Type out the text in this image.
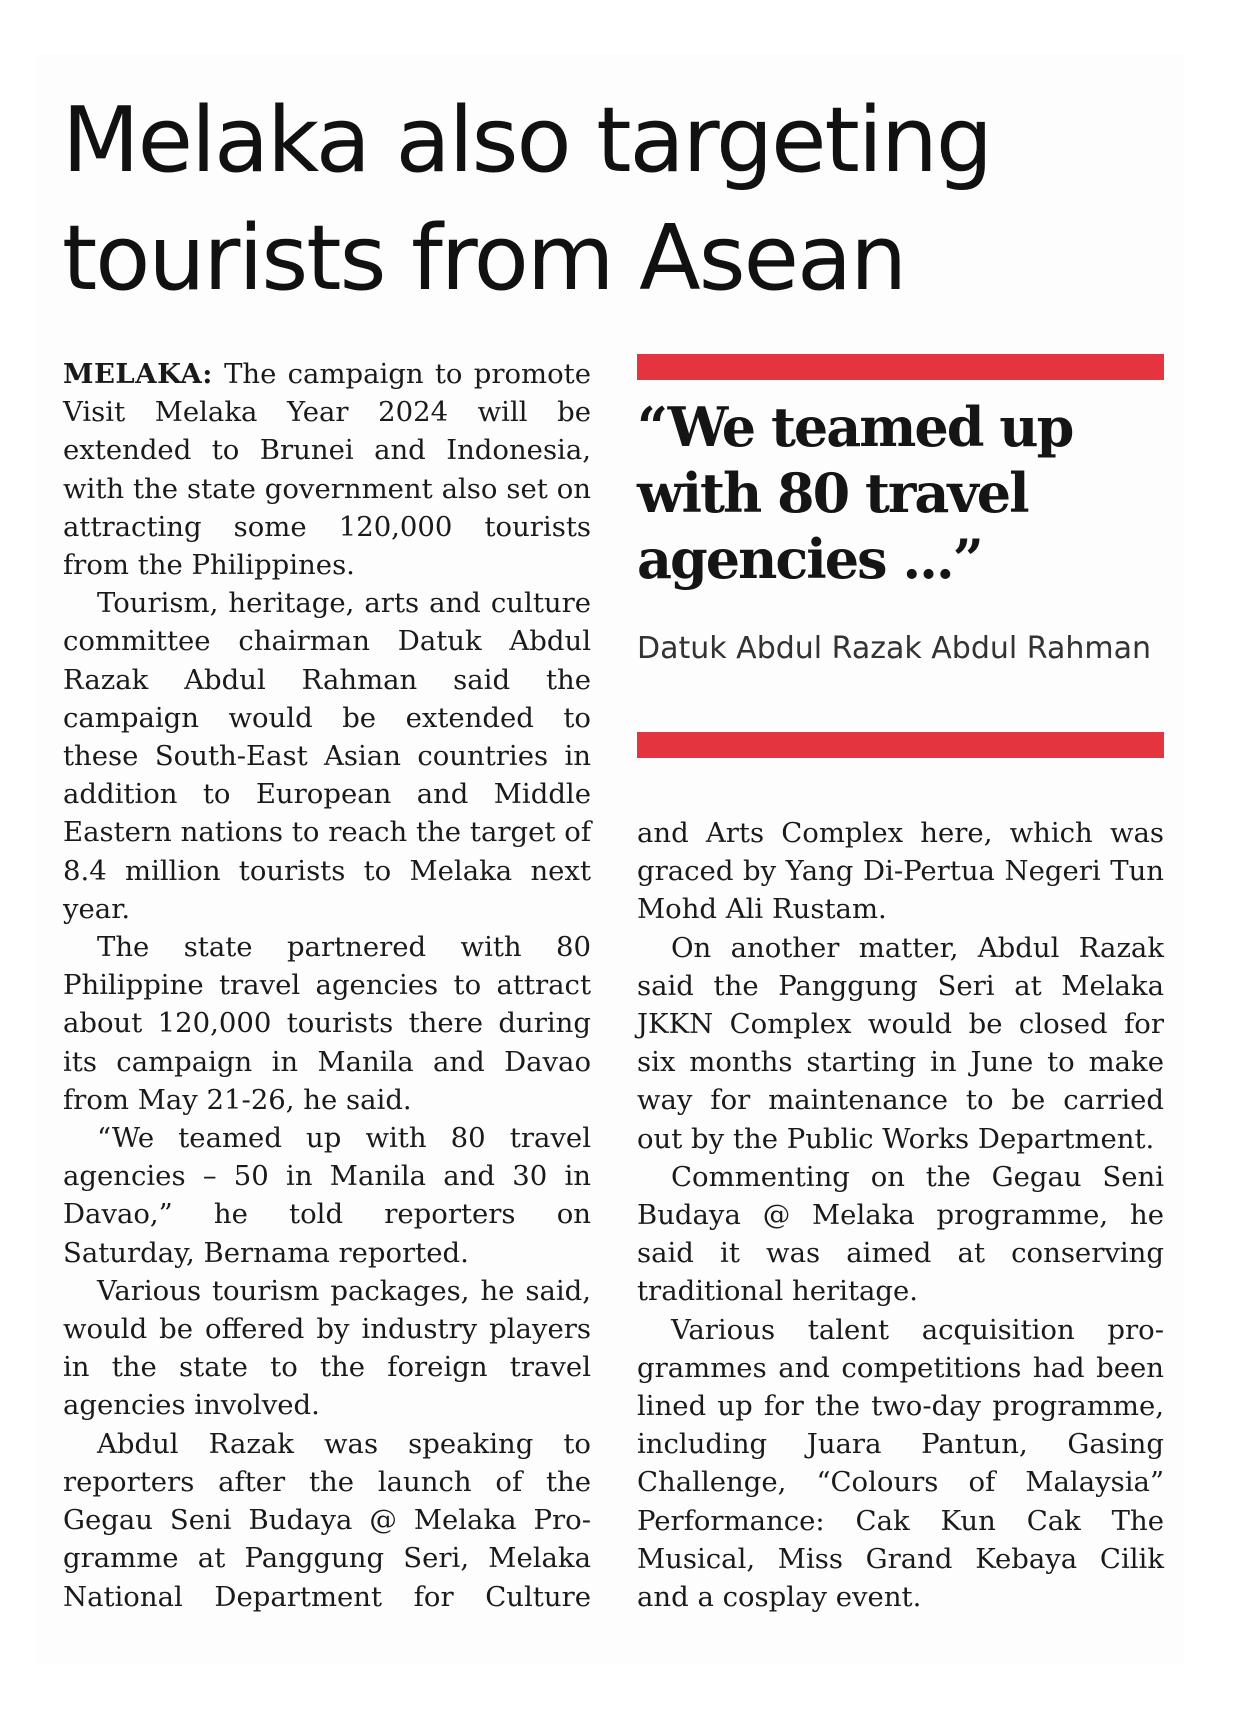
Melaka also targeting tourists from Asean

MELAKA: The campaign to promote Visit Melaka Year 2024 will be extended to Brunei and Indonesia, with the state government also set on attracting some 120,000 tourists from the Philippines.

Tourism, heritage, arts and culture committee chairman Datuk Abdul Razak Abdul Rahman said the campaign would be extended to these South-East Asian countries in addition to European and Middle Eastern nations to reach the target of 8.4 million tourists to Melaka next year.

The state partnered with 80 Philippine travel agencies to attract about 120,000 tourists there during its campaign in Manila and Davao from May 21-26, he said.

“We teamed up with 80 travel agencies – 50 in Manila and 30 in Davao,” he told reporters on Saturday, Bernama reported.

Various tourism packages, he said, would be offered by industry players in the state to the foreign travel agencies involved.

Abdul Razak was speaking to reporters after the launch of the Gegau Seni Budaya @ Melaka Programme at Panggung Seri, Melaka National Department for Culture

“We teamed up with 80 travel agencies ...”

Datuk Abdul Razak Abdul Rahman

and Arts Complex here, which was graced by Yang Di-Pertua Negeri Tun Mohd Ali Rustam.

On another matter, Abdul Razak said the Panggung Seri at Melaka JKKN Complex would be closed for six months starting in June to make way for maintenance to be carried out by the Public Works Department.

Commenting on the Gegau Seni Budaya @ Melaka programme, he said it was aimed at conserving traditional heritage.

Various talent acquisition programmes and competitions had been lined up for the two-day programme, including Juara Pantun, Gasing Challenge, “Colours of Malaysia” Performance: Cak Kun Cak The Musical, Miss Grand Kebaya Cilik and a cosplay event.
